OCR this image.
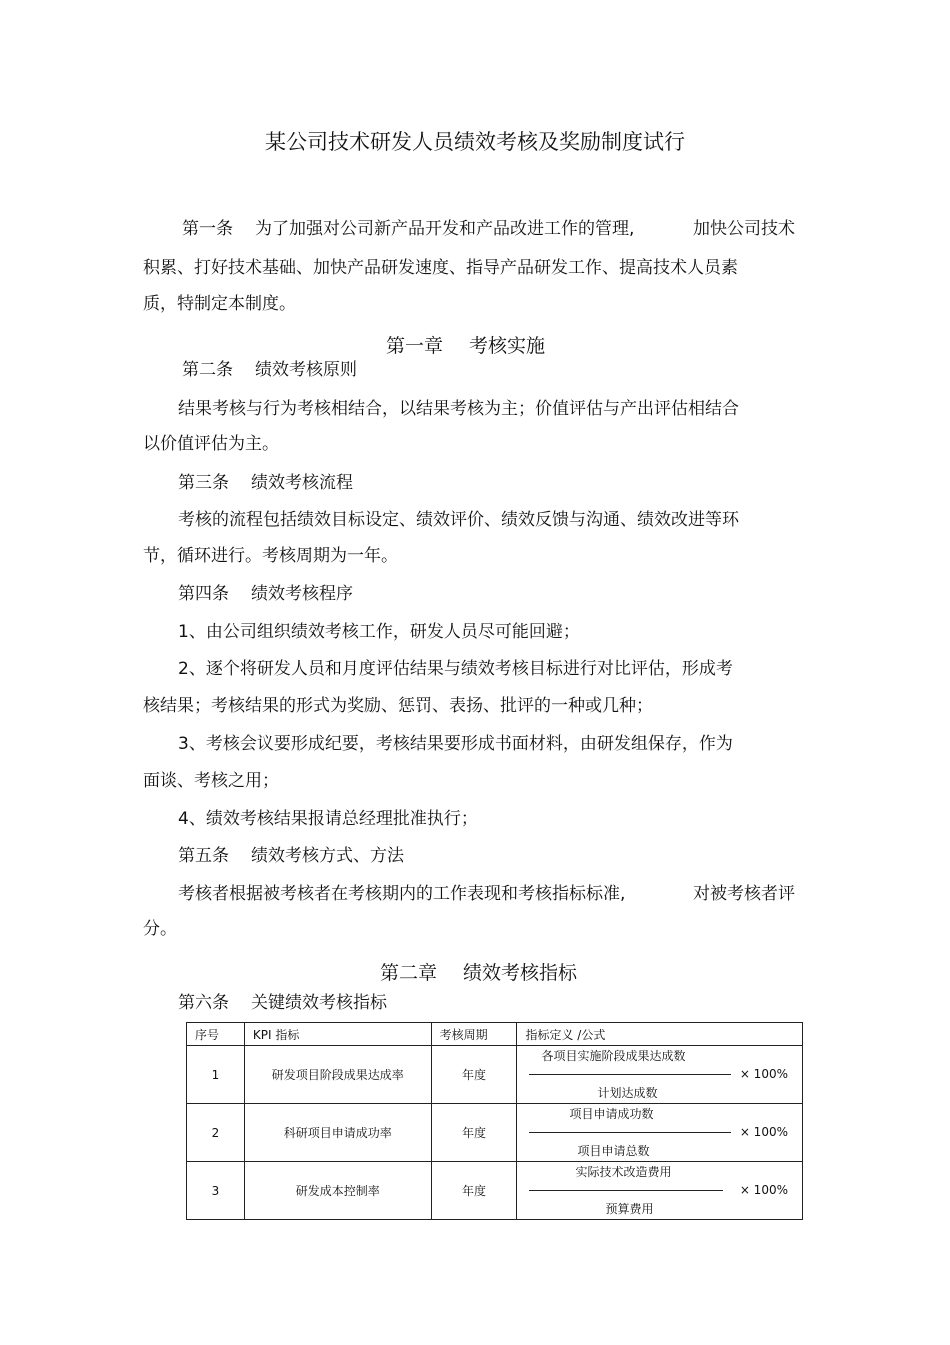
某公司技术研发人员绩效考核及奖励制度试行
第一条 为了加强对公司新产品开发和产品改进工作的管理,	加快公司技术
积累、打好技术基础、加快产品研发速度、指导产品研发工作、提高技术人员素
质，特制定本制度。
第一章 考核实施
第二条 绩效考核原则
结果考核与行为考核相结合，以结果考核为主；价值评估与产出评估相结合
以价值评估为主。
第三条 绩效考核流程
考核的流程包括绩效目标设定、绩效评价、绩效反馈与沟通、绩效改进等环
节，循环进行。考核周期为一年。
第四条 绩效考核程序
1、由公司组织绩效考核工作，研发人员尽可能回避；
2、逐个将研发人员和月度评估结果与绩效考核目标进行对比评估，形成考
核结果；考核结果的形式为奖励、惩罚、表扬、批评的一种或几种；
3、考核会议要形成纪要，考核结果要形成书面材料，由研发组保存，作为
面谈、考核之用；
4、绩效考核结果报请总经理批准执行；
第五条 绩效考核方式、方法
考核者根据被考核者在考核期内的工作表现和考核指标标准,	对被考核者评
分。
第二章 绩效考核指标
第六条 关键绩效考核指标
序号	KPI 指标	考核周期	指标定义 /公式
1	研发项目阶段成果达成率	年度	各项目实施阶段成果达成数
计划达成数
× 100%

2	科研项目申请成功率	年度	项目申请成功数
项目申请总数
× 100%

3	研发成本控制率	年度	实际技术改造费用
预算费用
× 100%
